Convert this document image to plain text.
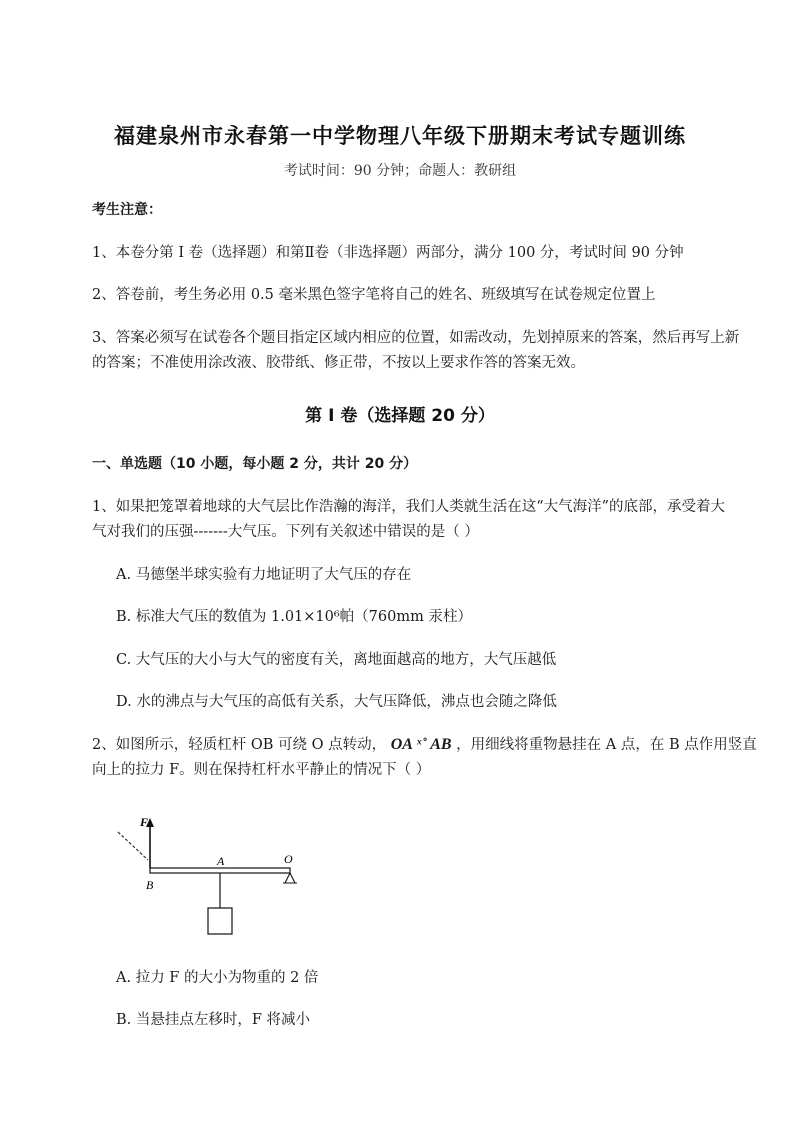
福建泉州市永春第一中学物理八年级下册期末考试专题训练
考试时间：90 分钟；命题人：教研组
考生注意：
1、本卷分第 I 卷（选择题）和第Ⅱ卷（非选择题）两部分，满分 100 分，考试时间 90 分钟
2、答卷前，考生务必用 0.5 毫米黑色签字笔将自己的姓名、班级填写在试卷规定位置上
3、答案必须写在试卷各个题目指定区域内相应的位置，如需改动，先划掉原来的答案，然后再写上新
的答案；不准使用涂改液、胶带纸、修正带，不按以上要求作答的答案无效。
第 I 卷（选择题 20 分）
一、单选题（10 小题，每小题 2 分，共计 20 分）
1、如果把笼罩着地球的大气层比作浩瀚的海洋，我们人类就生活在这“大气海洋”的底部，承受着大
气对我们的压强-------大气压。下列有关叙述中错误的是（ ）
A. 马德堡半球实验有力地证明了大气压的存在
B. 标准大气压的数值为 1.01×10⁶帕（760mm 汞柱）
C. 大气压的大小与大气的密度有关，离地面越高的地方，大气压越低
D. 水的沸点与大气压的高低有关系，大气压降低，沸点也会随之降低
2、如图所示，轻质杠杆 OB 可绕 O 点转动， OA ˣ˚ AB ，用细线将重物悬挂在 A 点，在 B 点作用竖直
向上的拉力 F。则在保持杠杆水平静止的情况下（ ）
F
A	O
B
A. 拉力 F 的大小为物重的 2 倍
B. 当悬挂点左移时，F 将减小
